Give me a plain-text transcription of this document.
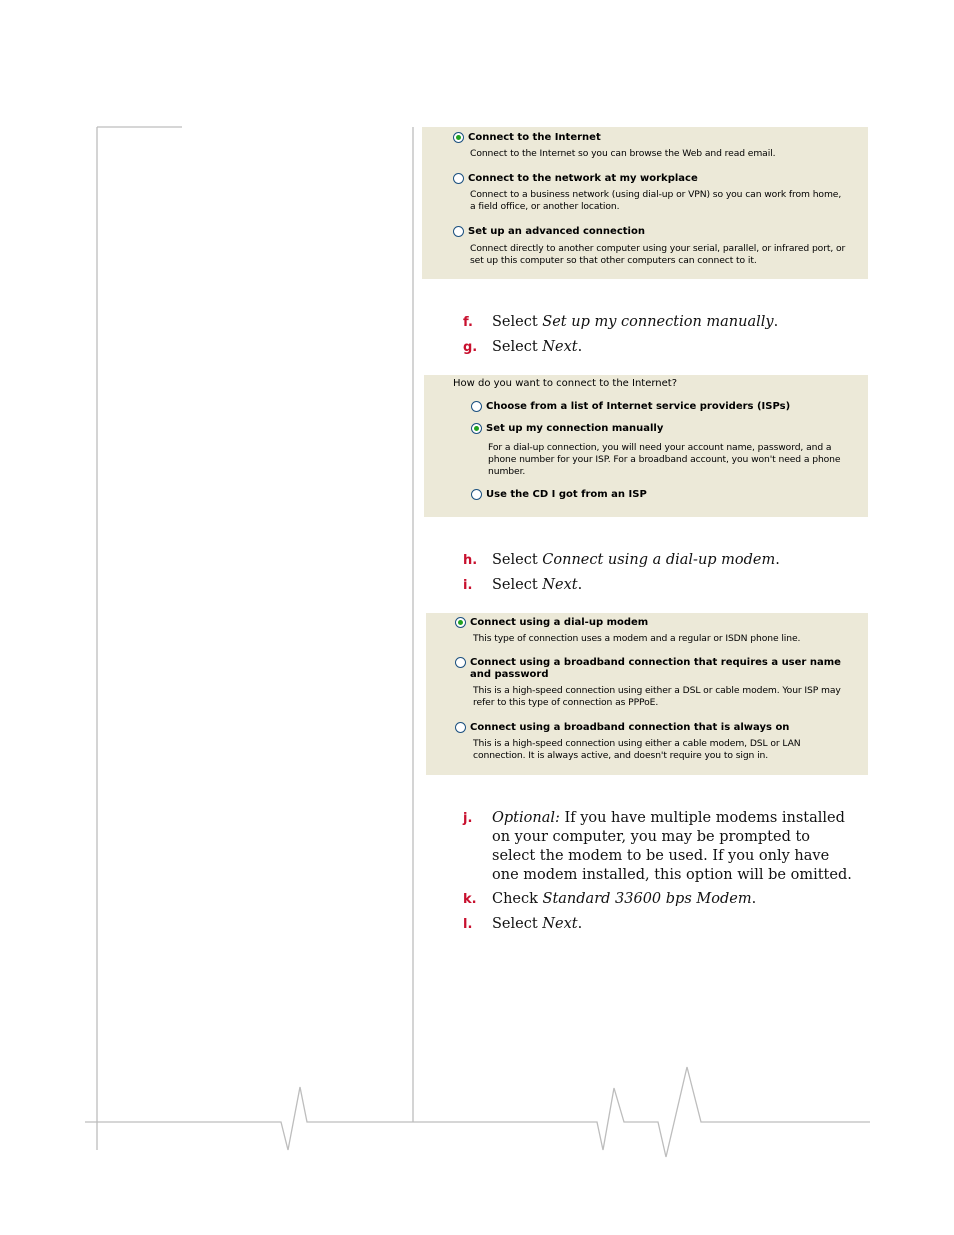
Connect to the Internet
Connect to the Internet so you can browse the Web and read email.
Connect to the network at my workplace
Connect to a business network (using dial-up or VPN) so you can work from home,
a field office, or another location.
Set up an advanced connection
Connect directly to another computer using your serial, parallel, or infrared port, or
set up this computer so that other computers can connect to it.
f. Select Set up my connection manually.
g. Select Next.
How do you want to connect to the Internet?
Choose from a list of Internet service providers (ISPs)
Set up my connection manually
For a dial-up connection, you will need your account name, password, and a
phone number for your ISP. For a broadband account, you won't need a phone
number.
Use the CD I got from an ISP
h. Select Connect using a dial-up modem.
i. Select Next.
Connect using a dial-up modem
This type of connection uses a modem and a regular or ISDN phone line.
Connect using a broadband connection that requires a user name and password
This is a high-speed connection using either a DSL or cable modem. Your ISP may
refer to this type of connection as PPPoE.
Connect using a broadband connection that is always on
This is a high-speed connection using either a cable modem, DSL or LAN
connection. It is always active, and doesn't require you to sign in.
j. Optional: If you have multiple modems installed on your computer, you may be prompted to select the modem to be used. If you only have one modem installed, this option will be omitted.
k. Check Standard 33600 bps Modem.
l. Select Next.
